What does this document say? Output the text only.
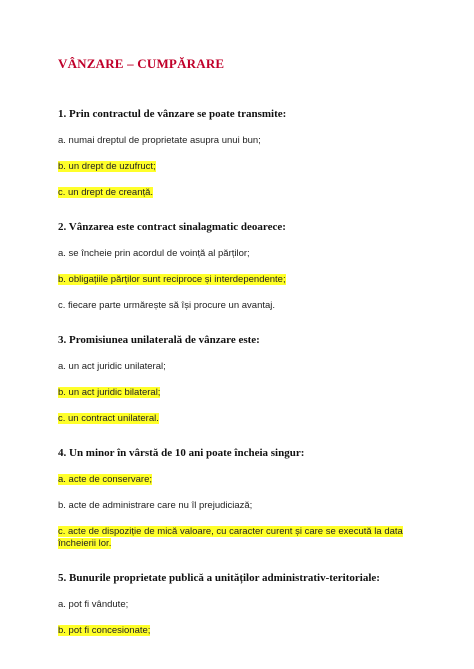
VÂNZARE – CUMPĂRARE
1. Prin contractul de vânzare se poate transmite:
a. numai dreptul de proprietate asupra unui bun;
b. un drept de uzufruct;
c. un drept de creanță.
2. Vânzarea este contract sinalagmatic deoarece:
a. se încheie prin acordul de voință al părților;
b. obligațiile părților sunt reciproce și interdependente;
c. fiecare parte urmărește să își procure un avantaj.
3. Promisiunea unilaterală de vânzare este:
a. un act juridic unilateral;
b. un act juridic bilateral;
c. un contract unilateral.
4. Un minor în vârstă de 10 ani poate încheia singur:
a. acte de conservare;
b. acte de administrare care nu îl prejudiciază;
c. acte de dispoziție de mică valoare, cu caracter curent și care se execută la data încheierii lor.
5. Bunurile proprietate publică a unităților administrativ-teritoriale:
a. pot fi vândute;
b. pot fi concesionate;
